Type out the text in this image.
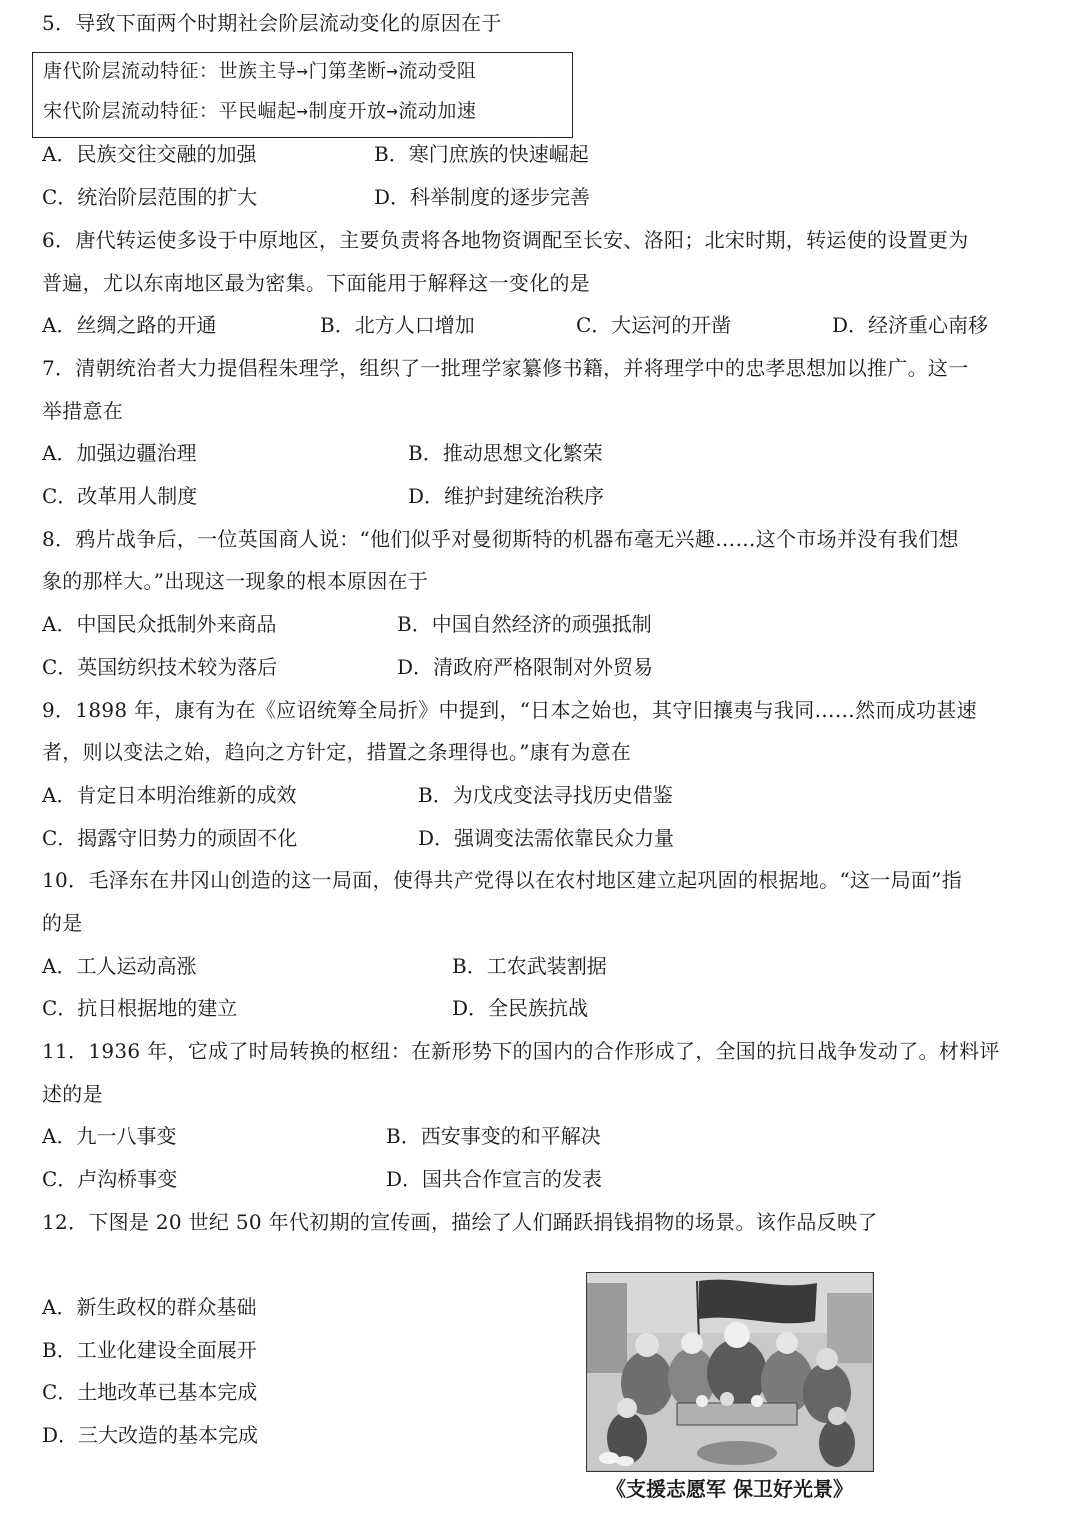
5．导致下面两个时期社会阶层流动变化的原因在于
唐代阶层流动特征：世族主导→门第垄断→流动受阻
宋代阶层流动特征：平民崛起→制度开放→流动加速
A．民族交往交融的加强	B．寒门庶族的快速崛起
C．统治阶层范围的扩大	D．科举制度的逐步完善
6．唐代转运使多设于中原地区，主要负责将各地物资调配至长安、洛阳；北宋时期，转运使的设置更为
普遍，尤以东南地区最为密集。下面能用于解释这一变化的是
A．丝绸之路的开通	B．北方人口增加	C．大运河的开凿	D．经济重心南移
7．清朝统治者大力提倡程朱理学，组织了一批理学家纂修书籍，并将理学中的忠孝思想加以推广。这一
举措意在
A．加强边疆治理	B．推动思想文化繁荣
C．改革用人制度	D．维护封建统治秩序
8．鸦片战争后，一位英国商人说：“他们似乎对曼彻斯特的机器布毫无兴趣……这个市场并没有我们想
象的那样大。”出现这一现象的根本原因在于
A．中国民众抵制外来商品	B．中国自然经济的顽强抵制
C．英国纺织技术较为落后	D．清政府严格限制对外贸易
9．1898 年，康有为在《应诏统筹全局折》中提到，“日本之始也，其守旧攘夷与我同……然而成功甚速
者，则以变法之始，趋向之方针定，措置之条理得也。”康有为意在
A．肯定日本明治维新的成效	B．为戊戌变法寻找历史借鉴
C．揭露守旧势力的顽固不化	D．强调变法需依靠民众力量
10．毛泽东在井冈山创造的这一局面，使得共产党得以在农村地区建立起巩固的根据地。“这一局面”指
的是
A．工人运动高涨	B．工农武装割据
C．抗日根据地的建立	D．全民族抗战
11．1936 年，它成了时局转换的枢纽：在新形势下的国内的合作形成了，全国的抗日战争发动了。材料评
述的是
A．九一八事变	B．西安事变的和平解决
C．卢沟桥事变	D．国共合作宣言的发表
12．下图是 20 世纪 50 年代初期的宣传画，描绘了人们踊跃捐钱捐物的场景。该作品反映了
A．新生政权的群众基础
B．工业化建设全面展开
C．土地改革已基本完成
D．三大改造的基本完成
《支援志愿军 保卫好光景》
